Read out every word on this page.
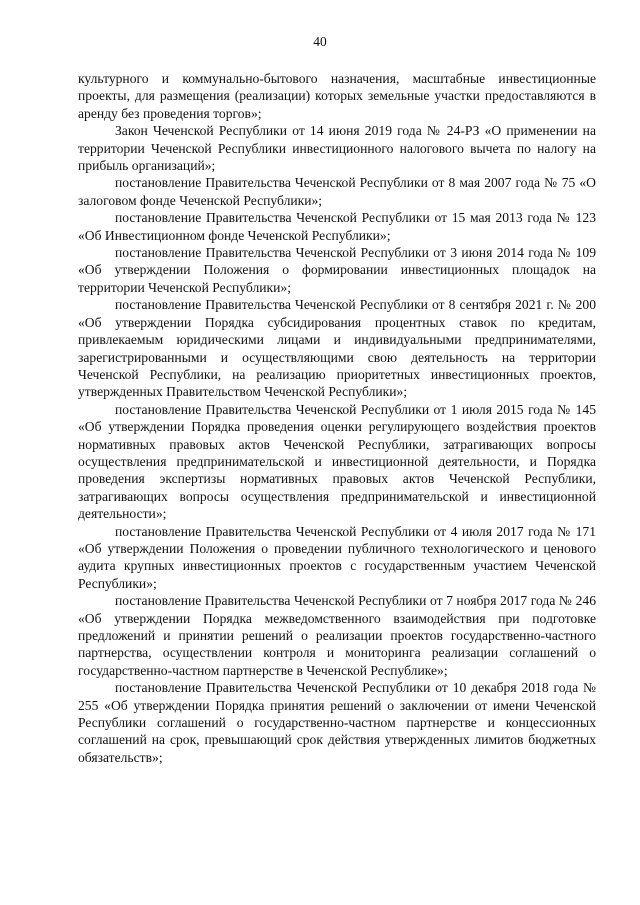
40

культурного и коммунально-бытового назначения, масштабные инвестиционные проекты, для размещения (реализации) которых земельные участки предоставляются в аренду без проведения торгов»;

Закон Чеченской Республики от 14 июня 2019 года № 24-РЗ «О применении на территории Чеченской Республики инвестиционного налогового вычета по налогу на прибыль организаций»;

постановление Правительства Чеченской Республики от 8 мая 2007 года № 75 «О залоговом фонде Чеченской Республики»;

постановление Правительства Чеченской Республики от 15 мая 2013 года № 123 «Об Инвестиционном фонде Чеченской Республики»;

постановление Правительства Чеченской Республики от 3 июня 2014 года № 109 «Об утверждении Положения о формировании инвестиционных площадок на территории Чеченской Республики»;

постановление Правительства Чеченской Республики от 8 сентября 2021 г. № 200 «Об утверждении Порядка субсидирования процентных ставок по кредитам, привлекаемым юридическими лицами и индивидуальными предпринимателями, зарегистрированными и осуществляющими свою деятельность на территории Чеченской Республики, на реализацию приоритетных инвестиционных проектов, утвержденных Правительством Чеченской Республики»;

постановление Правительства Чеченской Республики от 1 июля 2015 года № 145 «Об утверждении Порядка проведения оценки регулирующего воздействия проектов нормативных правовых актов Чеченской Республики, затрагивающих вопросы осуществления предпринимательской и инвестиционной деятельности, и Порядка проведения экспертизы нормативных правовых актов Чеченской Республики, затрагивающих вопросы осуществления предпринимательской и инвестиционной деятельности»;

постановление Правительства Чеченской Республики от 4 июля 2017 года № 171 «Об утверждении Положения о проведении публичного технологического и ценового аудита крупных инвестиционных проектов с государственным участием Чеченской Республики»;

постановление Правительства Чеченской Республики от 7 ноября 2017 года № 246 «Об утверждении Порядка межведомственного взаимодействия при подготовке предложений и принятии решений о реализации проектов государственно-частного партнерства, осуществлении контроля и мониторинга реализации соглашений о государственно-частном партнерстве в Чеченской Республике»;

постановление Правительства Чеченской Республики от 10 декабря 2018 года № 255 «Об утверждении Порядка принятия решений о заключении от имени Чеченской Республики соглашений о государственно-частном партнерстве и концессионных соглашений на срок, превышающий срок действия утвержденных лимитов бюджетных обязательств»;
